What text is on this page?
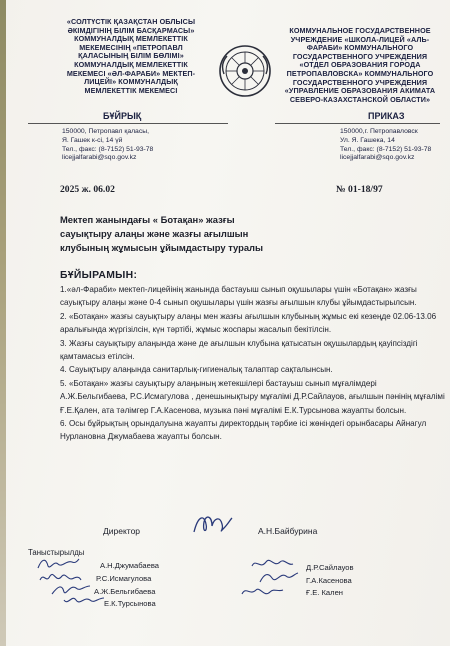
«СОЛТҮСТІК ҚАЗАҚСТАН ОБЛЫСЫ
ӘКІМДІГІНІҢ БІЛІМ БАСҚАРМАСЫ»
КОММУНАЛДЫҚ МЕМЛЕКЕТТІК
МЕКЕМЕСІНІҢ «ПЕТРОПАВЛ
ҚАЛАСЫНЫҢ БІЛІМ БӨЛІМІ»
КОММУНАЛДЫҚ МЕМЛЕКЕТТІК
МЕКЕМЕСІ «ӘЛ-ФАРАБИ» МЕКТЕП-
ЛИЦЕЙІ» КОММУНАЛДЫҚ
МЕМЛЕКЕТТІК МЕКЕМЕСІ
КОММУНАЛЬНОЕ ГОСУДАРСТВЕННОЕ
УЧРЕЖДЕНИЕ «ШКОЛА-ЛИЦЕЙ «АЛЬ-
ФАРАБИ» КОММУНАЛЬНОГО
ГОСУДАРСТВЕННОГО УЧРЕЖДЕНИЯ
«ОТДЕЛ ОБРАЗОВАНИЯ ГОРОДА
ПЕТРОПАВЛОВСКА» КОММУНАЛЬНОГО
ГОСУДАРСТВЕННОГО УЧРЕЖДЕНИЯ
«УПРАВЛЕНИЕ ОБРАЗОВАНИЯ АКИМАТА
СЕВЕРО-КАЗАХСТАНСКОЙ ОБЛАСТИ»
БҰЙРЫҚ	ПРИКАЗ
150000, Петропавл қаласы,
Я. Гашек к-сі, 14 үй
Тел., факс: (8-7152) 51-93-78
licejjalfarabi@sqo.gov.kz
150000,г. Петропавловск
Ул. Я. Гашека, 14
Тел., факс: (8-7152) 51-93-78
licejjalfarabi@sqo.gov.kz
2025 ж. 06.02	№ 01-18/97
Мектеп жанындағы « Ботақан» жазғы
сауықтыру алаңы және жазғы ағылшын
клубының жұмысын ұйымдастыру туралы
БҰЙЫРАМЫН:

1.«әл-Фараби» мектеп-лицейінің жанында бастауыш сынып оқушылары үшін «Ботақан» жазғы сауықтыру алаңы және 0-4 сынып оқушылары үшін жазғы ағылшын клубы ұйымдастырылсын.

2. «Ботақан» жазғы сауықтыру алаңы мен жазғы ағылшын клубының жұмыс екі кезеңде 02.06-13.06 аралығында жүргізілсін, күн тәртібі, жұмыс жоспары жасалып бекітілсін.

3. Жазғы сауықтыру алаңында және де ағылшын клубына қатысатын оқушылардың қауіпсіздігі қамтамасыз етілсін.

4. Сауықтыру алаңында санитарлық-гигиеналық талаптар сақталынсын.

5. «Ботақан» жазғы сауықтыру алаңының жетекшілері бастауыш сынып мұғалімдері А.Ж.Бельгибаева, Р.С.Исмагулова , денешынықтыру мұғалімі Д.Р.Сайлауов, ағылшын пәнінің мұғалімі Ғ.Е.Қален, ата тәлімгер Г.А.Касенова, музыка пәні мұғалімі Е.К.Турсынова жауапты болсын.

6. Осы бұйрықтың орындалуына жауапты директордың тәрбие ісі жөніндегі орынбасары Айнагул Нурлановна Джумабаева жауапты болсын.

Директор	А.Н.Байбурина
Таныстырылды
А.Н.Джумабаева
Р.С.Исмагулова
А.Ж.Бельгибаева
Е.К.Турсынова
Д.Р.Сайлауов
Г.А.Касенова
Ғ.Е. Кален
